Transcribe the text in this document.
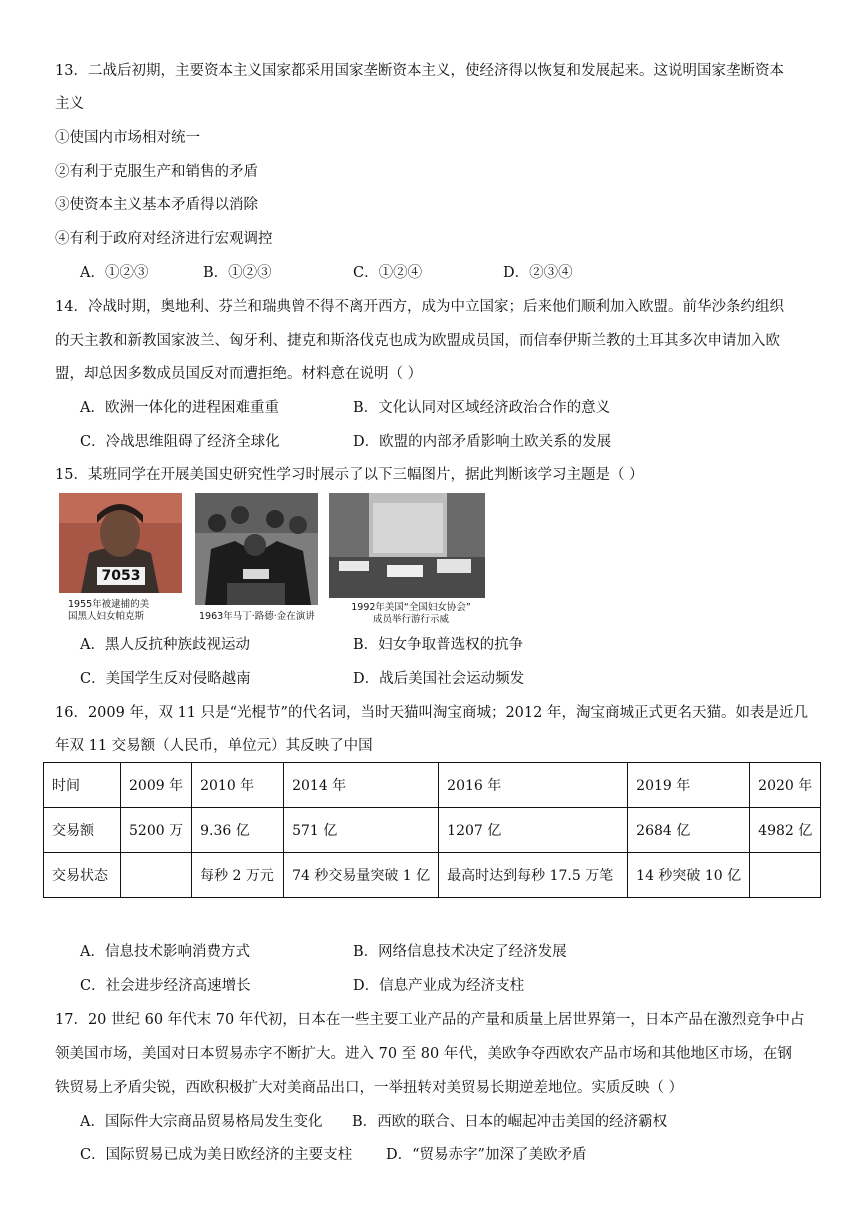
13．二战后初期，主要资本主义国家都采用国家垄断资本主义，使经济得以恢复和发展起来。这说明国家垄断资本
主义
①使国内市场相对统一
②有利于克服生产和销售的矛盾
③使资本主义基本矛盾得以消除
④有利于政府对经济进行宏观调控
A．①②③	B．①②③	C．①②④	D．②③④
14．冷战时期，奥地利、芬兰和瑞典曾不得不离开西方，成为中立国家；后来他们顺利加入欧盟。前华沙条约组织
的天主教和新教国家波兰、匈牙利、捷克和斯洛伐克也成为欧盟成员国，而信奉伊斯兰教的土耳其多次申请加入欧
盟，却总因多数成员国反对而遭拒绝。材料意在说明（ ）
A．欧洲一体化的进程困难重重	B．文化认同对区域经济政治合作的意义
C．冷战思维阻碍了经济全球化	D．欧盟的内部矛盾影响土欧关系的发展
15．某班同学在开展美国史研究性学习时展示了以下三幅图片，据此判断该学习主题是（ ）
7053
1955年被逮捕的美
国黑人妇女帕克斯	1963年马丁·路德·金在演讲
1992年美国“全国妇女协会”
成员举行游行示威
A．黑人反抗种族歧视运动	B．妇女争取普选权的抗争
C．美国学生反对侵略越南	D．战后美国社会运动频发
16．2009 年，双 11 只是“光棍节”的代名词，当时天猫叫淘宝商城；2012 年，淘宝商城正式更名天猫。如表是近几
年双 11 交易额（人民币，单位元）其反映了中国
时间	2009 年	2010 年	2014 年	2016 年	2019 年	2020 年
交易额	5200 万	9.36 亿	571 亿	1207 亿	2684 亿	4982 亿
交易状态		每秒 2 万元	74 秒交易量突破 1 亿	最高时达到每秒 17.5 万笔	14 秒突破 10 亿	
A．信息技术影响消费方式	B．网络信息技术决定了经济发展
C．社会进步经济高速增长	D．信息产业成为经济支柱
17．20 世纪 60 年代末 70 年代初，日本在一些主要工业产品的产量和质量上居世界第一，日本产品在激烈竞争中占
领美国市场，美国对日本贸易赤字不断扩大。进入 70 至 80 年代，美欧争夺西欧农产品市场和其他地区市场，在钢
铁贸易上矛盾尖锐，西欧积极扩大对美商品出口，一举扭转对美贸易长期逆差地位。实质反映（ ）
A．国际件大宗商品贸易格局发生变化 B．西欧的联合、日本的崛起冲击美国的经济霸权
C．国际贸易已成为美日欧经济的主要支柱 D．“贸易赤字”加深了美欧矛盾
